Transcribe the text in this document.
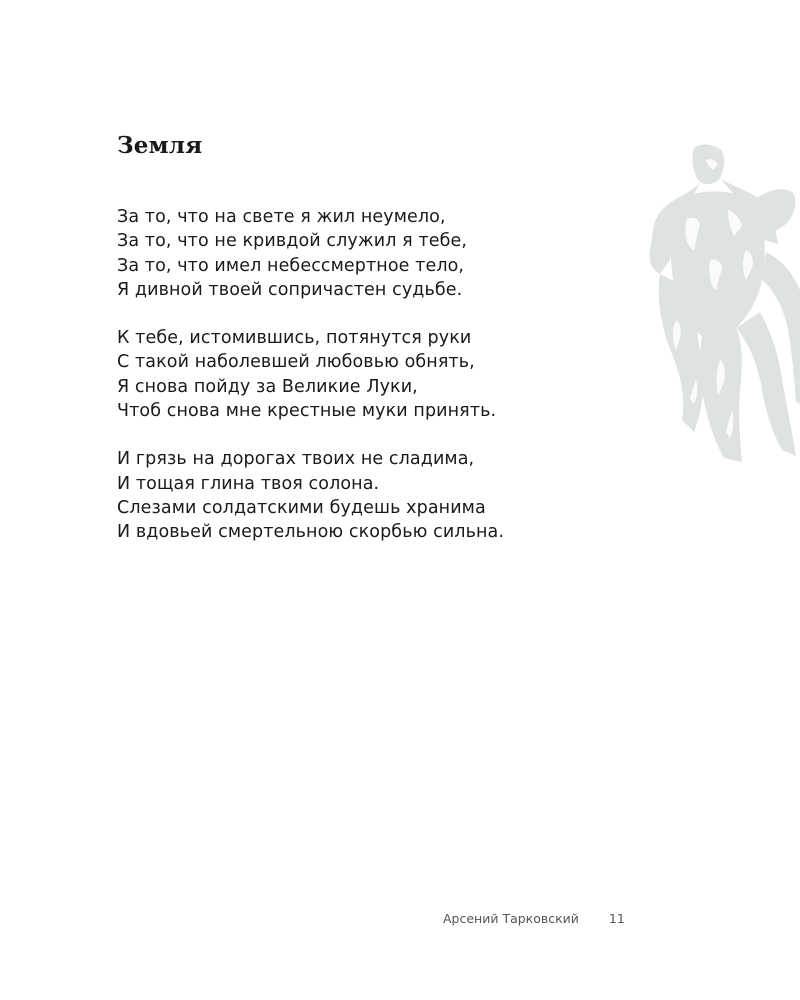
Земля

За то, что на свете я жил неумело,
За то, что не кривдой служил я тебе,
За то, что имел небессмертное тело,
Я дивной твоей сопричастен судьбе.

К тебе, истомившись, потянутся руки
С такой наболевшей любовью обнять,
Я снова пойду за Великие Луки,
Чтоб снова мне крестные муки принять.

И грязь на дорогах твоих не сладима,
И тощая глина твоя солона.
Слезами солдатскими будешь хранима
И вдовьей смертельною скорбью сильна.

Арсений Тарковский 11
